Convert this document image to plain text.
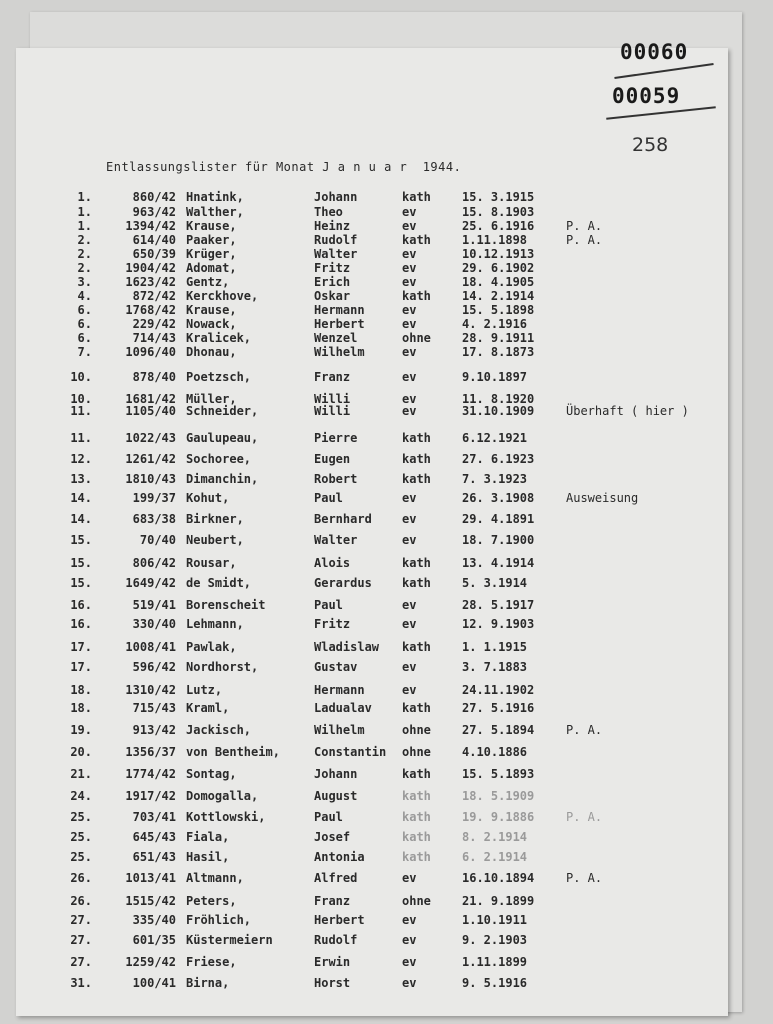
00060
00059
258
Entlassungslister für Monat J a n u a r  1944.
1.	860/42 Hnatink,	Johann	kath	15. 3.1915
1.	963/42 Walther,	Theo	ev	15. 8.1903
1.	1394/42 Krause,	Heinz	ev	25. 6.1916	P. A.
2.	614/40 Paaker,	Rudolf	kath	1.11.1898	P. A.
2.	650/39 Krüger,	Walter	ev	10.12.1913
2.	1904/42 Adomat,	Fritz	ev	29. 6.1902
3.	1623/42 Gentz,	Erich	ev	18. 4.1905
4.	872/42 Kerckhove,	Oskar	kath	14. 2.1914
6.	1768/42 Krause,	Hermann	ev	15. 5.1898
6.	229/42 Nowack,	Herbert	ev	4. 2.1916
6.	714/43 Kralicek,	Wenzel	ohne	28. 9.1911
7.	1096/40 Dhonau,	Wilhelm	ev	17. 8.1873
10.	878/40 Poetzsch,	Franz	ev	9.10.1897
10.	1681/42 Müller,	Willi	ev	11. 8.1920
11.	1105/40 Schneider,	Willi	ev	31.10.1909	Überhaft ( hier )
11.	1022/43 Gaulupeau,	Pierre	kath	6.12.1921
12.	1261/42 Sochoree,	Eugen	kath	27. 6.1923
13.	1810/43 Dimanchin,	Robert	kath	7. 3.1923
14.	199/37 Kohut,	Paul	ev	26. 3.1908	Ausweisung
14.	683/38 Birkner,	Bernhard	ev	29. 4.1891
15.	70/40 Neubert,	Walter	ev	18. 7.1900
15.	806/42 Rousar,	Alois	kath	13. 4.1914
15.	1649/42 de Smidt,	Gerardus	kath	5. 3.1914
16.	519/41 Borenscheit	Paul	ev	28. 5.1917
16.	330/40 Lehmann,	Fritz	ev	12. 9.1903
17.	1008/41 Pawlak,	Wladislaw kath	1. 1.1915
17.	596/42 Nordhorst,	Gustav	ev	3. 7.1883
18.	1310/42 Lutz,	Hermann	ev	24.11.1902
18.	715/43 Kraml,	Ladualav	kath	27. 5.1916
19.	913/42 Jackisch,	Wilhelm	ohne	27. 5.1894	P. A.
20.	1356/37 von Bentheim,	Constantin ohne	4.10.1886
21.	1774/42 Sontag,	Johann	kath	15. 5.1893
24.	1917/42 Domogalla,	August	kath	18. 5.1909
25.	703/41 Kottlowski,	Paul	kath	19. 9.1886	P. A.
25.	645/43 Fiala,	Josef	kath	8. 2.1914
25.	651/43 Hasil,	Antonia	kath	6. 2.1914
26.	1013/41 Altmann,	Alfred	ev	16.10.1894	P. A.
26.	1515/42 Peters,	Franz	ohne	21. 9.1899
27.	335/40 Fröhlich,	Herbert	ev	1.10.1911
27.	601/35 Küstermeiern	Rudolf	ev	9. 2.1903
27.	1259/42 Friese,	Erwin	ev	1.11.1899
31.	100/41 Birna,	Horst	ev	9. 5.1916
